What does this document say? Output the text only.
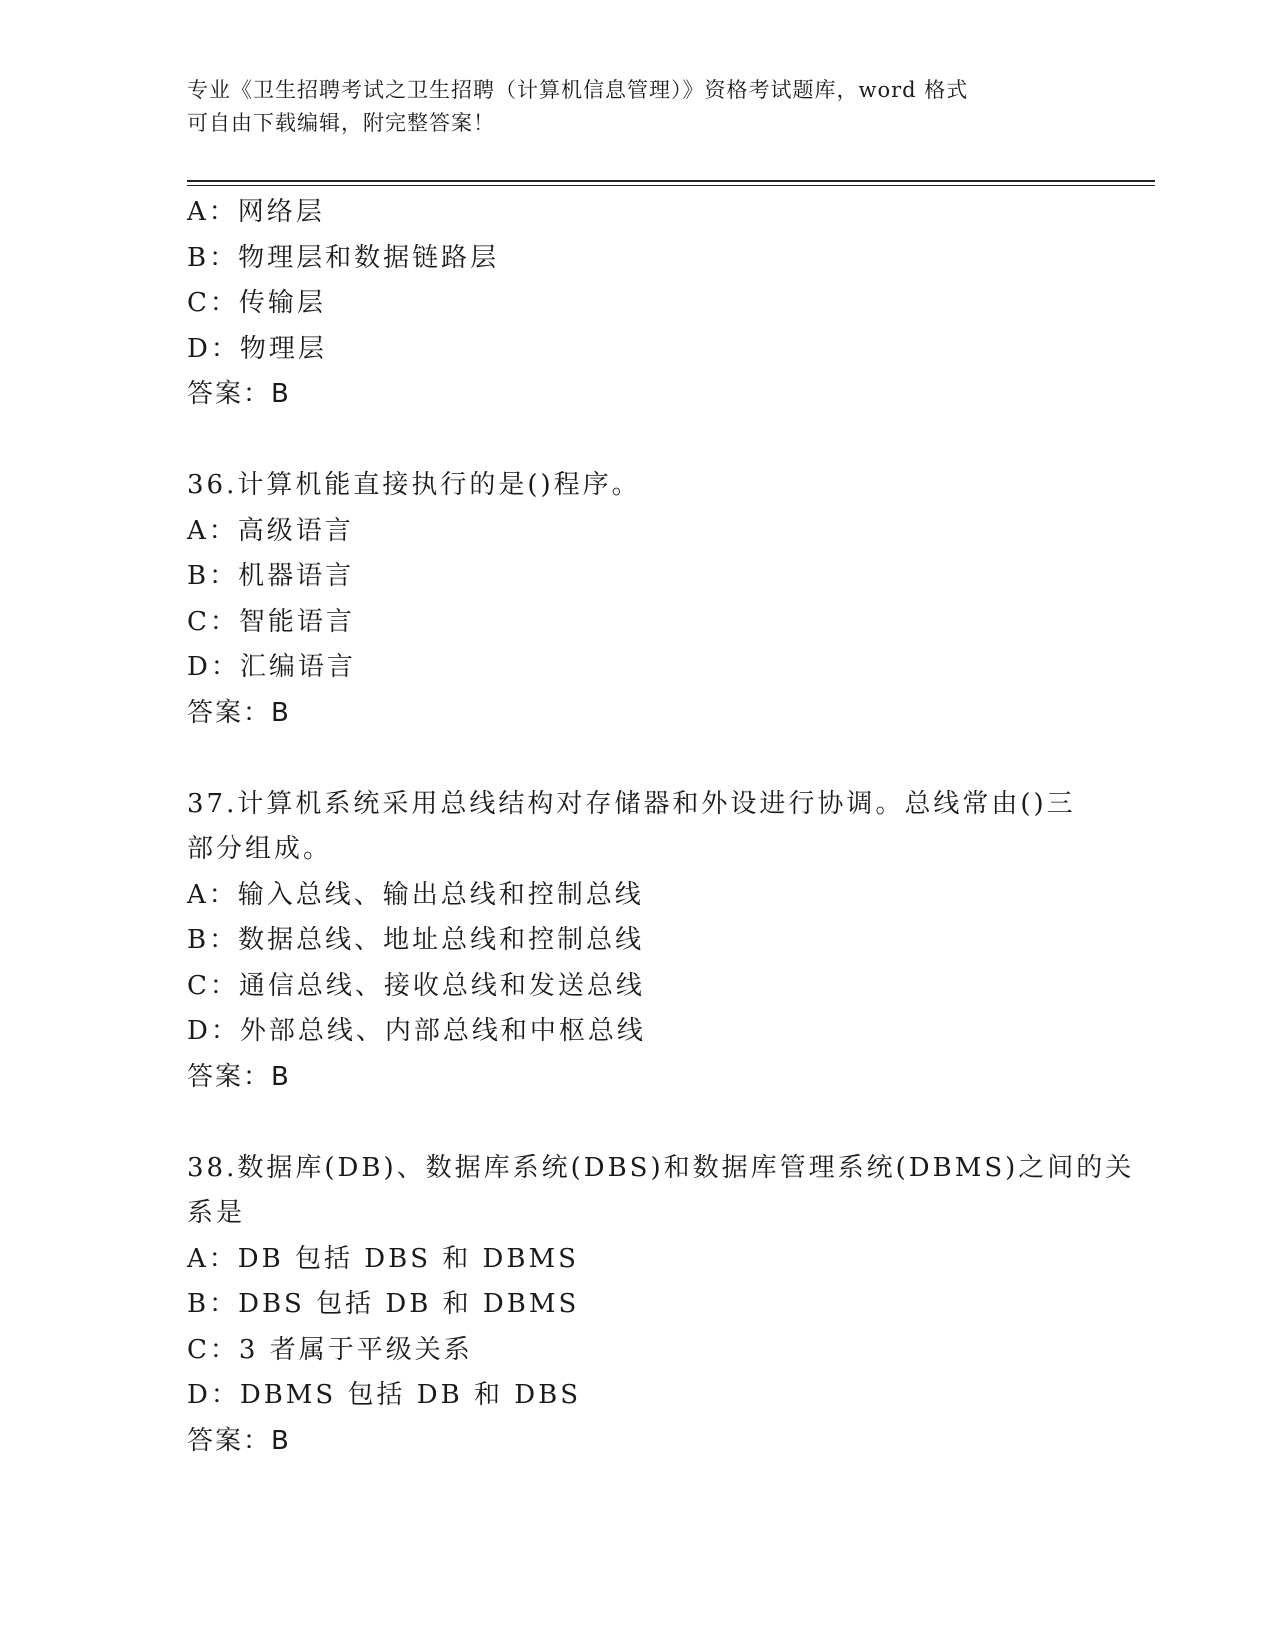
专业《卫生招聘考试之卫生招聘（计算机信息管理）》资格考试题库，word 格式
可自由下载编辑，附完整答案！
A：网络层
B：物理层和数据链路层
C：传输层
D：物理层
答案：B
36.计算机能直接执行的是()程序。
A：高级语言
B：机器语言
C：智能语言
D：汇编语言
答案：B
37.计算机系统采用总线结构对存储器和外设进行协调。总线常由()三
部分组成。
A：输入总线、输出总线和控制总线
B：数据总线、地址总线和控制总线
C：通信总线、接收总线和发送总线
D：外部总线、内部总线和中枢总线
答案：B
38.数据库(DB)、数据库系统(DBS)和数据库管理系统(DBMS)之间的关
系是
A：DB 包括 DBS 和 DBMS
B：DBS 包括 DB 和 DBMS
C：3 者属于平级关系
D：DBMS 包括 DB 和 DBS
答案：B
